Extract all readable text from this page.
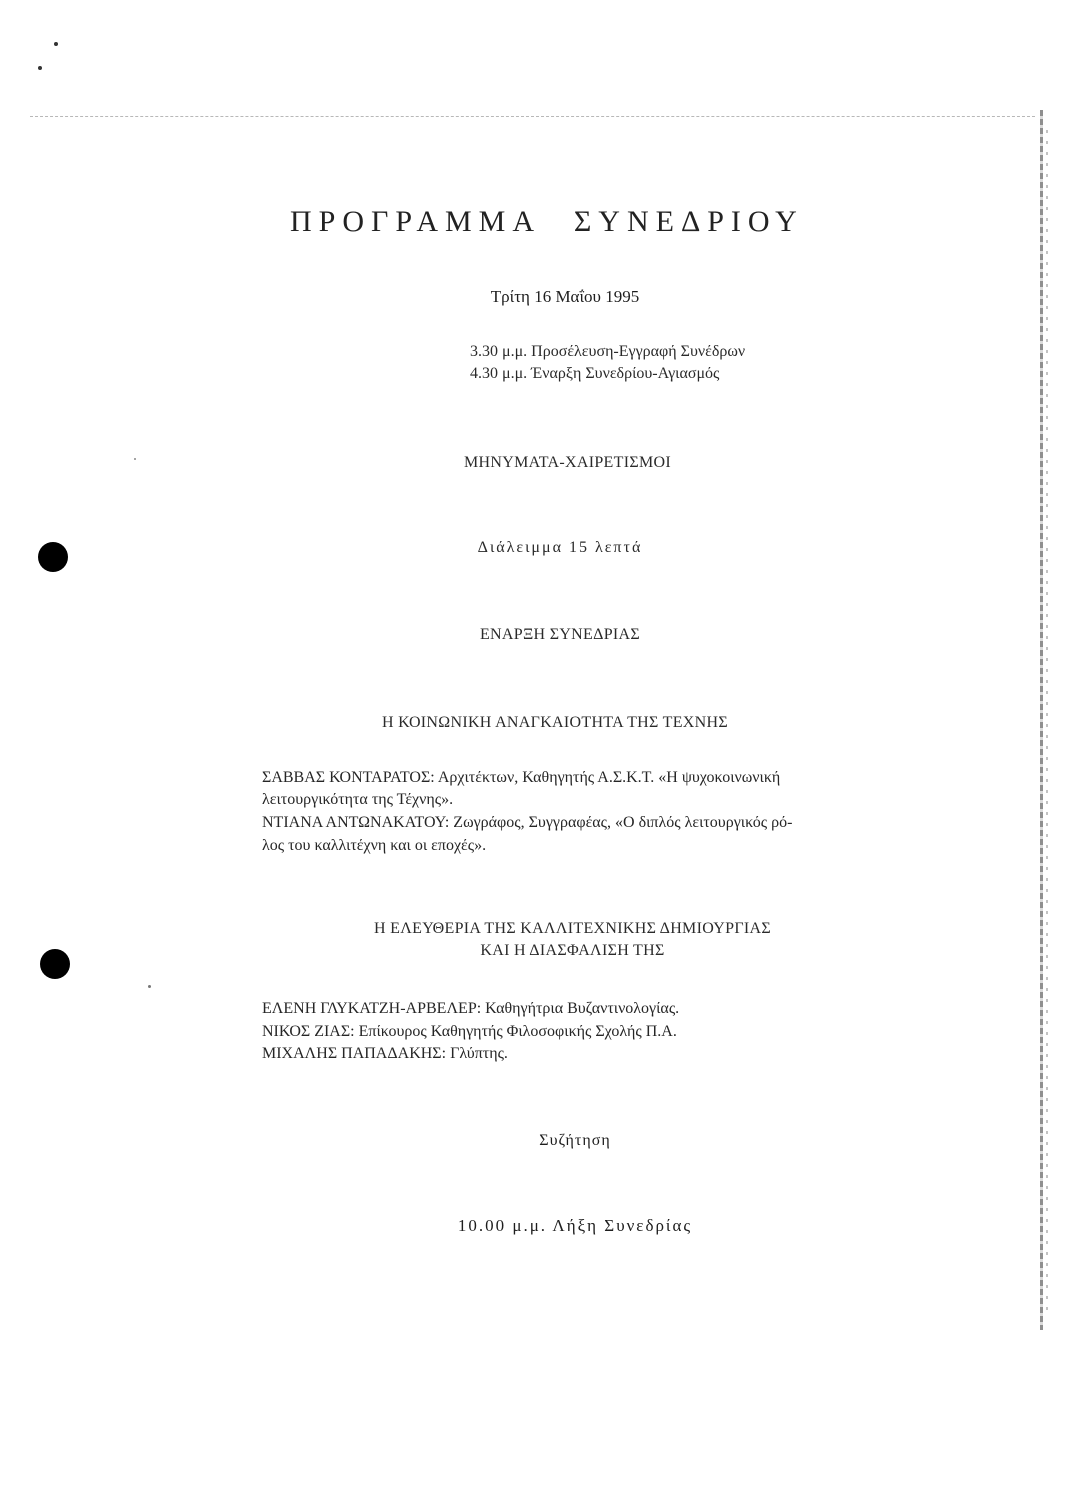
ΠΡΟΓΡΑΜΜΑ ΣΥΝΕΔΡΙΟΥ
Τρίτη 16 Μαΐου 1995
3.30 μ.μ. Προσέλευση-Εγγραφή Συνέδρων
4.30 μ.μ. Έναρξη Συνεδρίου-Αγιασμός
ΜΗΝΥΜΑΤΑ-ΧΑΙΡΕΤΙΣΜΟΙ
Διάλειμμα 15 λεπτά
ΕΝΑΡΞΗ ΣΥΝΕΔΡΙΑΣ
Η ΚΟΙΝΩΝΙΚΗ ΑΝΑΓΚΑΙΟΤΗΤΑ ΤΗΣ ΤΕΧΝΗΣ
ΣΑΒΒΑΣ ΚΟΝΤΑΡΑΤΟΣ: Αρχιτέκτων, Καθηγητής Α.Σ.Κ.Τ. «Η ψυχοκοινωνική
λειτουργικότητα της Τέχνης».
ΝΤΙΑΝΑ ΑΝΤΩΝΑΚΑΤΟΥ: Ζωγράφος, Συγγραφέας, «Ο διπλός λειτουργικός ρό-
λος του καλλιτέχνη και οι εποχές».
Η ΕΛΕΥΘΕΡΙΑ ΤΗΣ ΚΑΛΛΙΤΕΧΝΙΚΗΣ ΔΗΜΙΟΥΡΓΙΑΣ
ΚΑΙ Η ΔΙΑΣΦΑΛΙΣΗ ΤΗΣ
ΕΛΕΝΗ ΓΛΥΚΑΤΖΗ-ΑΡΒΕΛΕΡ: Καθηγήτρια Βυζαντινολογίας.
ΝΙΚΟΣ ΖΙΑΣ: Επίκουρος Καθηγητής Φιλοσοφικής Σχολής Π.Α.
ΜΙΧΑΛΗΣ ΠΑΠΑΔΑΚΗΣ: Γλύπτης.
Συζήτηση
10.00 μ.μ. Λήξη Συνεδρίας
